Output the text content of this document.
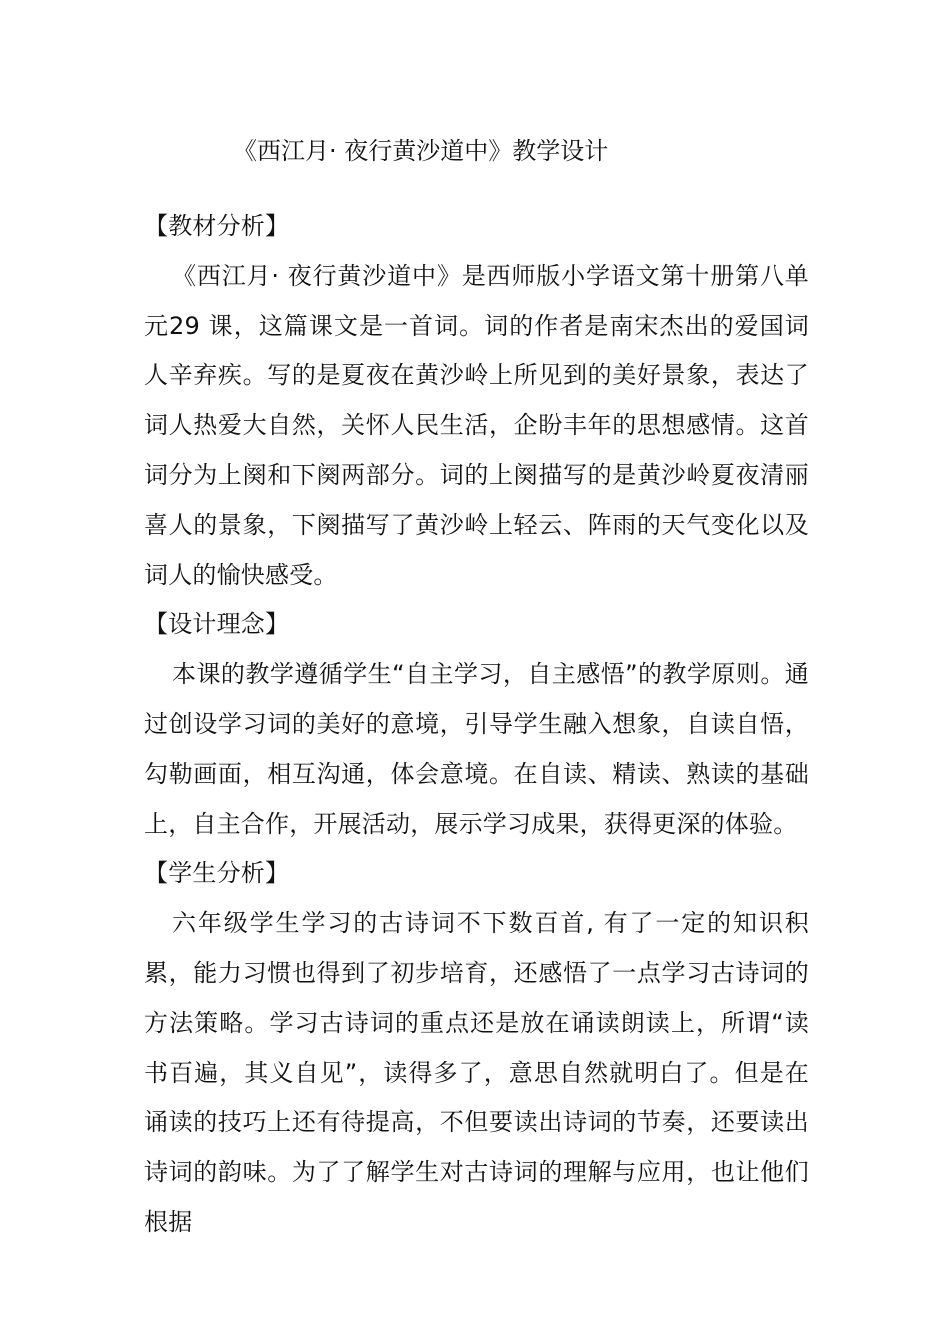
《西江月· 夜行黄沙道中》教学设计

【教材分析】

《西江月· 夜行黄沙道中》是西师版小学语文第十册第八单元29 课，这篇课文是一首词。词的作者是南宋杰出的爱国词人辛弃疾。写的是夏夜在黄沙岭上所见到的美好景象，表达了词人热爱大自然，关怀人民生活，企盼丰年的思想感情。这首词分为上阕和下阕两部分。词的上阕描写的是黄沙岭夏夜清丽喜人的景象，下阕描写了黄沙岭上轻云、阵雨的天气变化以及词人的愉快感受。

【设计理念】

本课的教学遵循学生“自主学习，自主感悟”的教学原则。通过创设学习词的美好的意境，引导学生融入想象，自读自悟，勾勒画面，相互沟通，体会意境。在自读、精读、熟读的基础上，自主合作，开展活动，展示学习成果，获得更深的体验。

【学生分析】

六年级学生学习的古诗词不下数百首, 有了一定的知识积累，能力习惯也得到了初步培育，还感悟了一点学习古诗词的方法策略。学习古诗词的重点还是放在诵读朗读上，所谓“读书百遍，其义自见”，读得多了，意思自然就明白了。但是在诵读的技巧上还有待提高，不但要读出诗词的节奏，还要读出诗词的韵味。为了了解学生对古诗词的理解与应用，也让他们根据
